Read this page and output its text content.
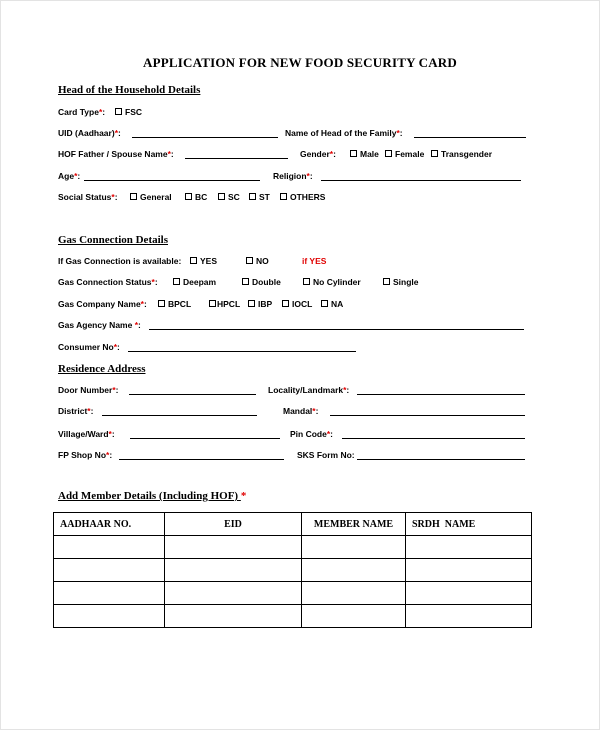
APPLICATION FOR NEW FOOD SECURITY CARD
Head of the Household Details
Card Type*:	FSC
UID (Aadhaar)*:	Name of Head of the Family*:
HOF Father / Spouse Name*:	Gender*:	Male	Female	Transgender
Age*:	Religion*:
Social Status*:	General	BC	SC	ST	OTHERS
Gas Connection Details
If Gas Connection is available:	YES	NO	if YES
Gas Connection Status*:	Deepam	Double	No Cylinder	Single
Gas Company Name*:	BPCL	HPCL	IBP	IOCL	NA
Gas Agency Name *:
Consumer No*:
Residence Address
Door Number*:	Locality/Landmark*:
District*:	Mandal*:
Village/Ward*:	Pin Code*:
FP Shop No*:	SKS Form No:
Add Member Details (Including HOF) *
AADHAAR NO.	EID	MEMBER NAME	SRDH  NAME
